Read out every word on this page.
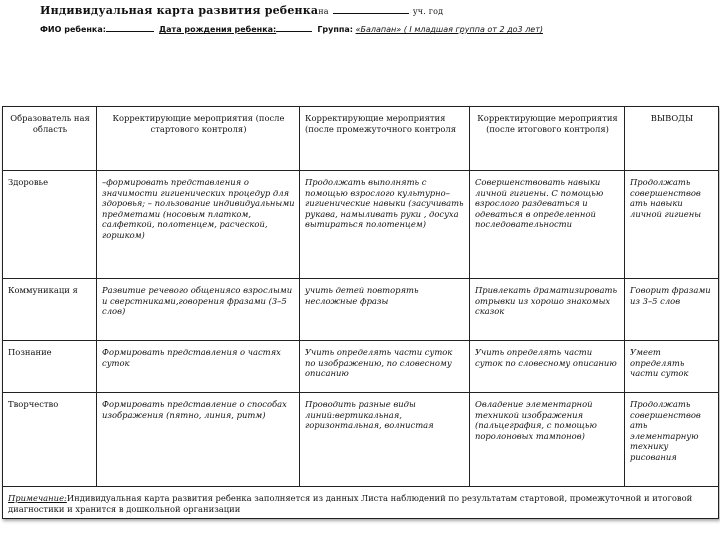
Индивидуальная карта развития ребенкана	уч. год
ФИО ребенка:	Дата рождения ребенка:	Группа: «Балапан» ( I младшая группа от 2 до3 лет)
Образователь ная область	Корректирующие мероприятия (после стартового контроля)	Корректирующие мероприятия (после промежуточного контроля	Корректирующие мероприятия (после итогового контроля)	ВЫВОДЫ
Здоровье	–формировать представления о значимости гигиенических процедур для здоровья; – пользование индивидуальными предметами (носовым платком, салфеткой, полотенцем, расческой, горшком)	Продолжать выполнять с помощью взрослого культурно–гигиенические навыки (засучивать рукава, намыливать руки , досуха вытираться полотенцем)	Совершенствовать навыки личной гигиены. С помощью взрослого раздеваться и одеваться в определенной последовательности	Продолжать совершенствов ать навыки личной гигиены
Коммуникаци я	Развитие речевого общенияco взрослыми и сверстниками,говорения фразами (3–5 слов)	учить детей повторять несложные фразы	Привлекать драматизировать отрывки из хорошо знакомых сказок	Говорит фразами из 3–5 слов
Познание	Формировать представления о частях суток	Учить определять части суток по изображению, по словесному описанию	Учить определять части суток по словесному описанию	Умеет определять части суток
Творчество	Формировать представление о способах изображения (пятно, линия, ритм)	Проводить разные виды линий:вертикальная, горизонтальная, волнистая	Овладение элементарной техникой изображения (пальцеграфия, с помощью поролоновых тампонов)	Продолжать совершенствов ать элементарную технику рисования
Примечание:Индивидуальная карта развития ребенка заполняется из данных Листа наблюдений по результатам стартовой, промежуточной и итоговой диагностики и хранится в дошкольной организации				
